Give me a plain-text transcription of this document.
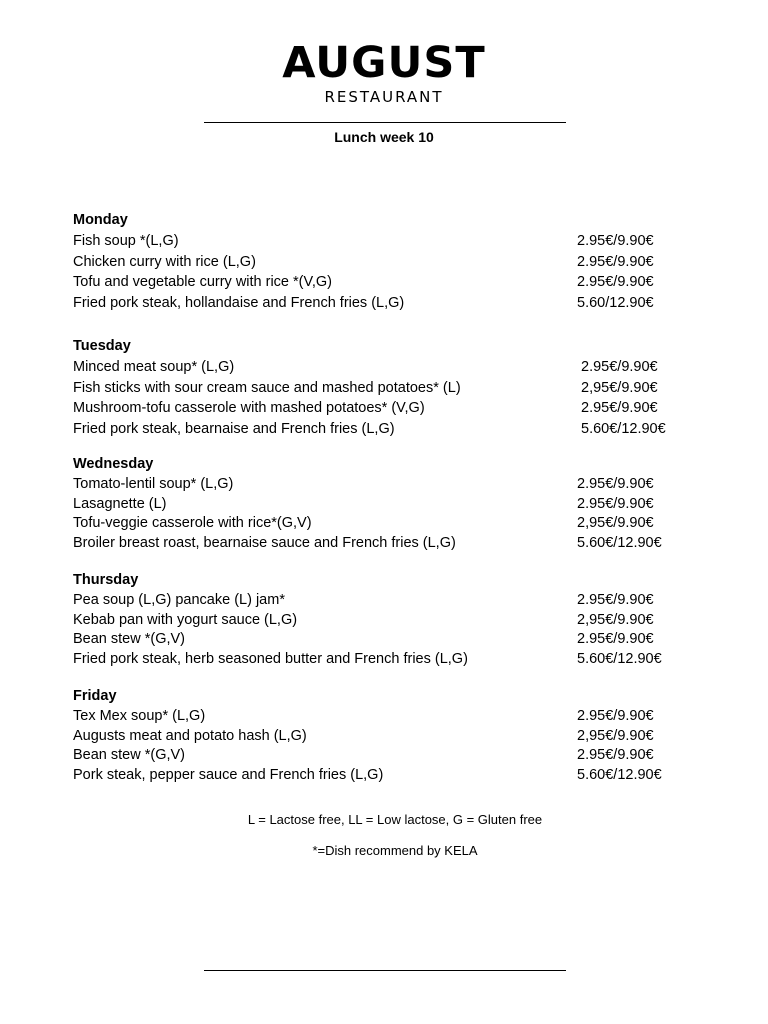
AUGUST
RESTAURANT
Lunch week 10
Monday
Fish soup *(L,G)	2.95€/9.90€
Chicken curry with rice (L,G)	2.95€/9.90€
Tofu and vegetable curry with rice *(V,G)	2.95€/9.90€
Fried pork steak, hollandaise and French fries (L,G)	5.60/12.90€
Tuesday
Minced meat soup* (L,G)	2.95€/9.90€
Fish sticks with sour cream sauce and mashed potatoes* (L)	2,95€/9.90€
Mushroom-tofu casserole with mashed potatoes* (V,G)	2.95€/9.90€
Fried pork steak, bearnaise and French fries (L,G)	5.60€/12.90€
Wednesday
Tomato-lentil soup* (L,G)	2.95€/9.90€
Lasagnette (L)	2.95€/9.90€
Tofu-veggie casserole with rice*(G,V)	2,95€/9.90€
Broiler breast roast, bearnaise sauce and French fries (L,G)	5.60€/12.90€
Thursday
Pea soup (L,G) pancake (L) jam*	2.95€/9.90€
Kebab pan with yogurt sauce (L,G)	2,95€/9.90€
Bean stew *(G,V)	2.95€/9.90€
Fried pork steak, herb seasoned butter and French fries (L,G)	5.60€/12.90€
Friday
Tex Mex soup* (L,G)	2.95€/9.90€
Augusts meat and potato hash (L,G)	2,95€/9.90€
Bean stew *(G,V)	2.95€/9.90€
Pork steak, pepper sauce and French fries (L,G)	5.60€/12.90€
L = Lactose free, LL = Low lactose, G = Gluten free
*=Dish recommend by KELA
